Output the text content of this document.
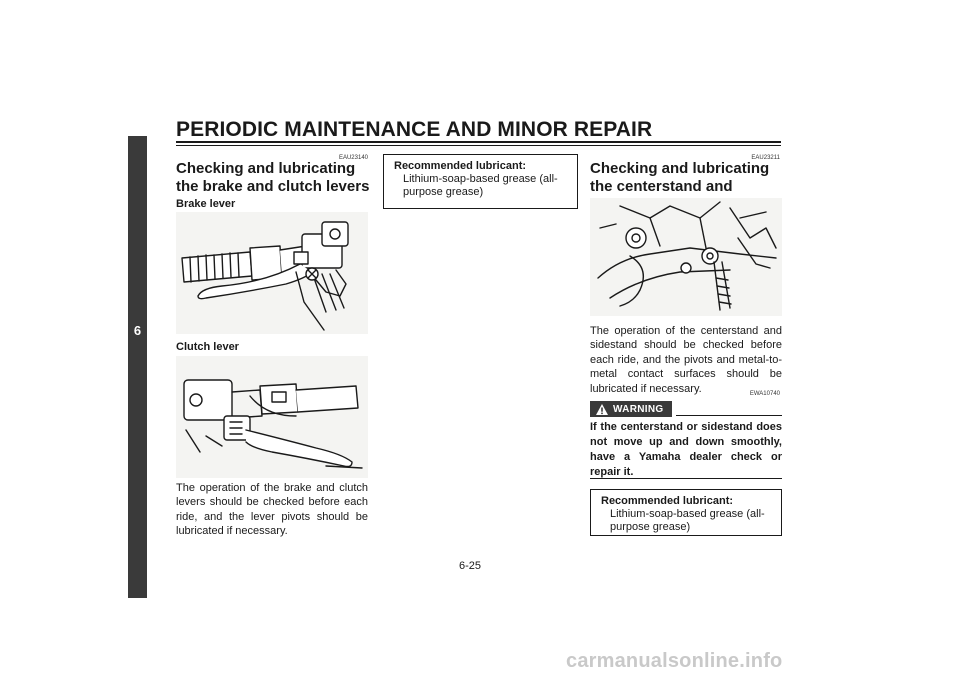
PERIODIC MAINTENANCE AND MINOR REPAIR
6
EAU23140
Checking and lubricating the brake and clutch levers
Brake lever
Clutch lever
The operation of the brake and clutch levers should be checked before each ride, and the lever pivots should be lubricated if necessary.
Recommended lubricant:
Lithium-soap-based grease (all-purpose grease)
EAU23211
Checking and lubricating the centerstand and sidestand
The operation of the centerstand and sidestand should be checked before each ride, and the pivots and metal-to-metal contact surfaces should be lubricated if necessary.	EWA10740
WARNING
If the centerstand or sidestand does not move up and down smoothly, have a Yamaha dealer check or repair it.
Recommended lubricant:
Lithium-soap-based grease (all-purpose grease)
6-25
carmanualsonline.info
